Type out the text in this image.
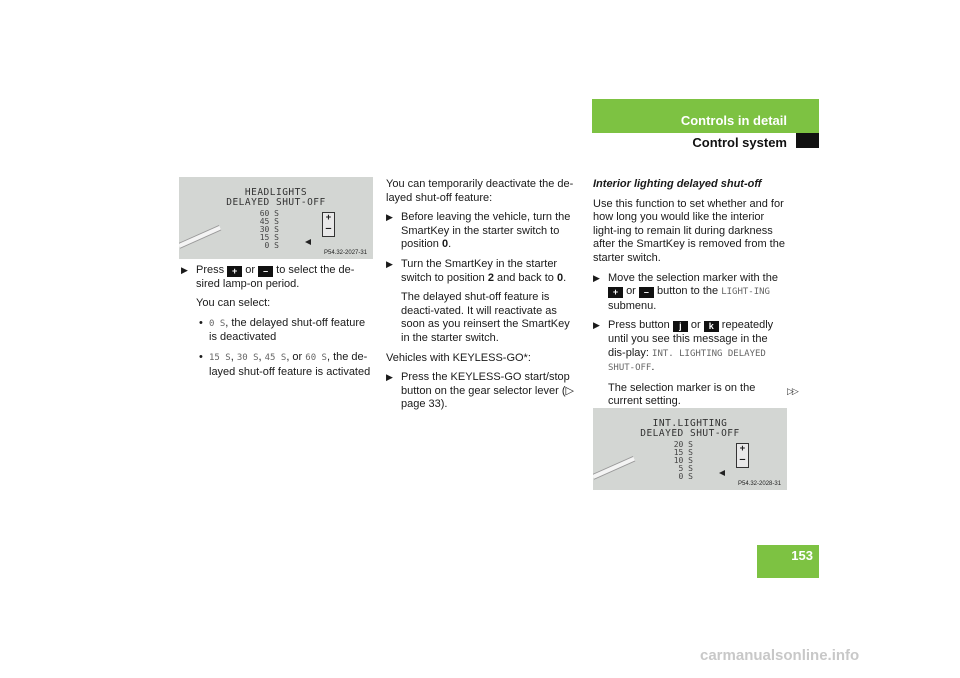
Controls in detail
Control system
HEADLIGHTS
DELAYED SHUT-OFF
60 S
45 S
30 S
15 S
0 S
+
–
P54.32-2027-31
▶ Press + or – to select the de-sired lamp-on period.

You can select:

• 0 S, the delayed shut-off feature is deactivated
• 15 S, 30 S, 45 S, or 60 S, the de-layed shut-off feature is activated

You can temporarily deactivate the de-layed shut-off feature:

▶ Before leaving the vehicle, turn the SmartKey in the starter switch to position 0.
▶ Turn the SmartKey in the starter switch to position 2 and back to 0.

The delayed shut-off feature is deacti-vated. It will reactivate as soon as you reinsert the SmartKey in the starter switch.

Vehicles with KEYLESS-GO*:

▶ Press the KEYLESS-GO start/stop button on the gear selector lever (▷ page 33).

Interior lighting delayed shut-off

Use this function to set whether and for how long you would like the interior light-ing to remain lit during darkness after the SmartKey is removed from the starter switch.

▶ Move the selection marker with the + or – button to the LIGHT-ING submenu.
▶ Press button j or k repeatedly until you see this message in the dis-play: INT. LIGHTING DELAYED SHUT-OFF.

The selection marker is on the current setting.

▷▷
INT.LIGHTING
DELAYED SHUT-OFF
20 S
15 S
10 S
5 S
0 S
+
–
P54.32-2028-31
153
carmanualsonline.info
